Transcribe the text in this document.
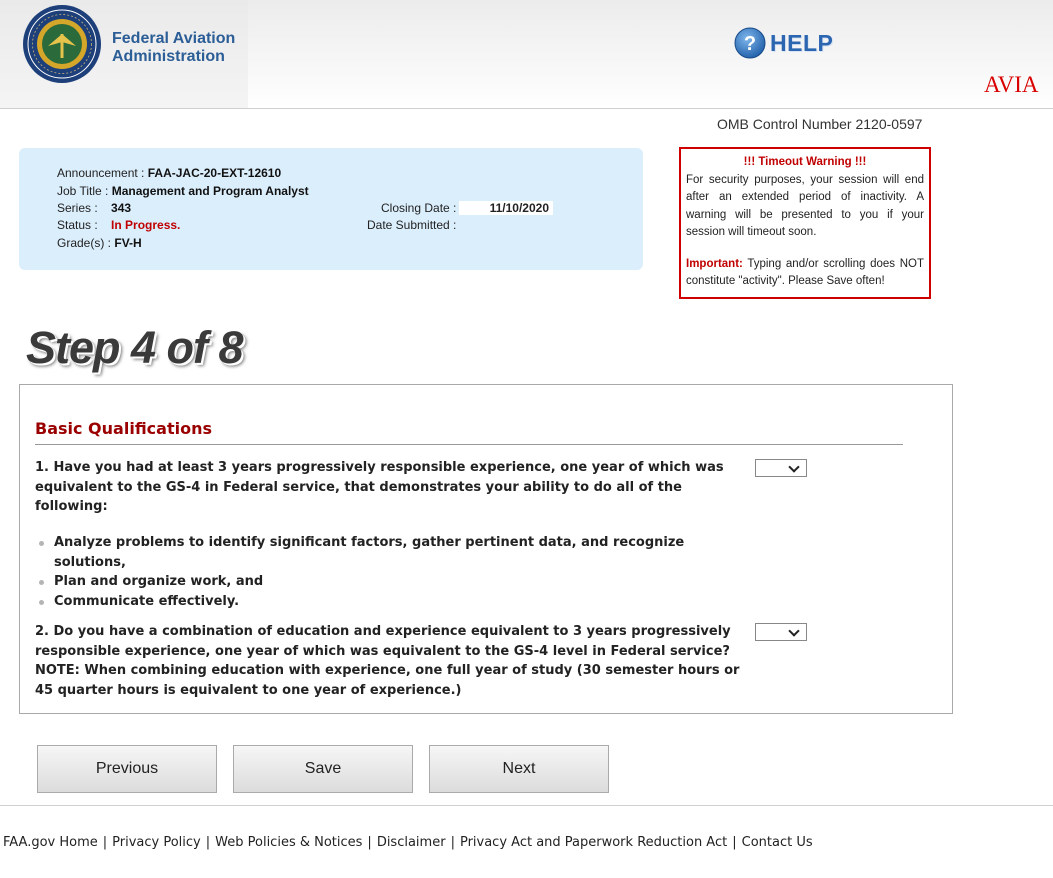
Federal Aviation
Administration
? HELP
AVIA
OMB Control Number 2120-0597
Announcement : FAA-JAC-20-EXT-12610
Job Title : Management and Program Analyst
Series : 343
Status : In Progress.
Grade(s) : FV-H
Closing Date :	11/10/2020
Date Submitted :
!!! Timeout Warning !!!
For security purposes, your session will end after an extended period of inactivity. A warning will be presented to you if your session will timeout soon.
Important: Typing and/or scrolling does NOT constitute "activity". Please Save often!
Step 4 of 8
Basic Qualifications
1. Have you had at least 3 years progressively responsible experience, one year of which was equivalent to the GS-4 in Federal service, that demonstrates your ability to do all of the following:
Analyze problems to identify significant factors, gather pertinent data, and recognize solutions,
Plan and organize work, and
Communicate effectively.
2. Do you have a combination of education and experience equivalent to 3 years progressively responsible experience, one year of which was equivalent to the GS-4 level in Federal service? NOTE: When combining education with experience, one full year of study (30 semester hours or 45 quarter hours is equivalent to one year of experience.)
Previous	Save	Next
FAA.gov Home | Privacy Policy | Web Policies & Notices | Disclaimer | Privacy Act and Paperwork Reduction Act | Contact Us
